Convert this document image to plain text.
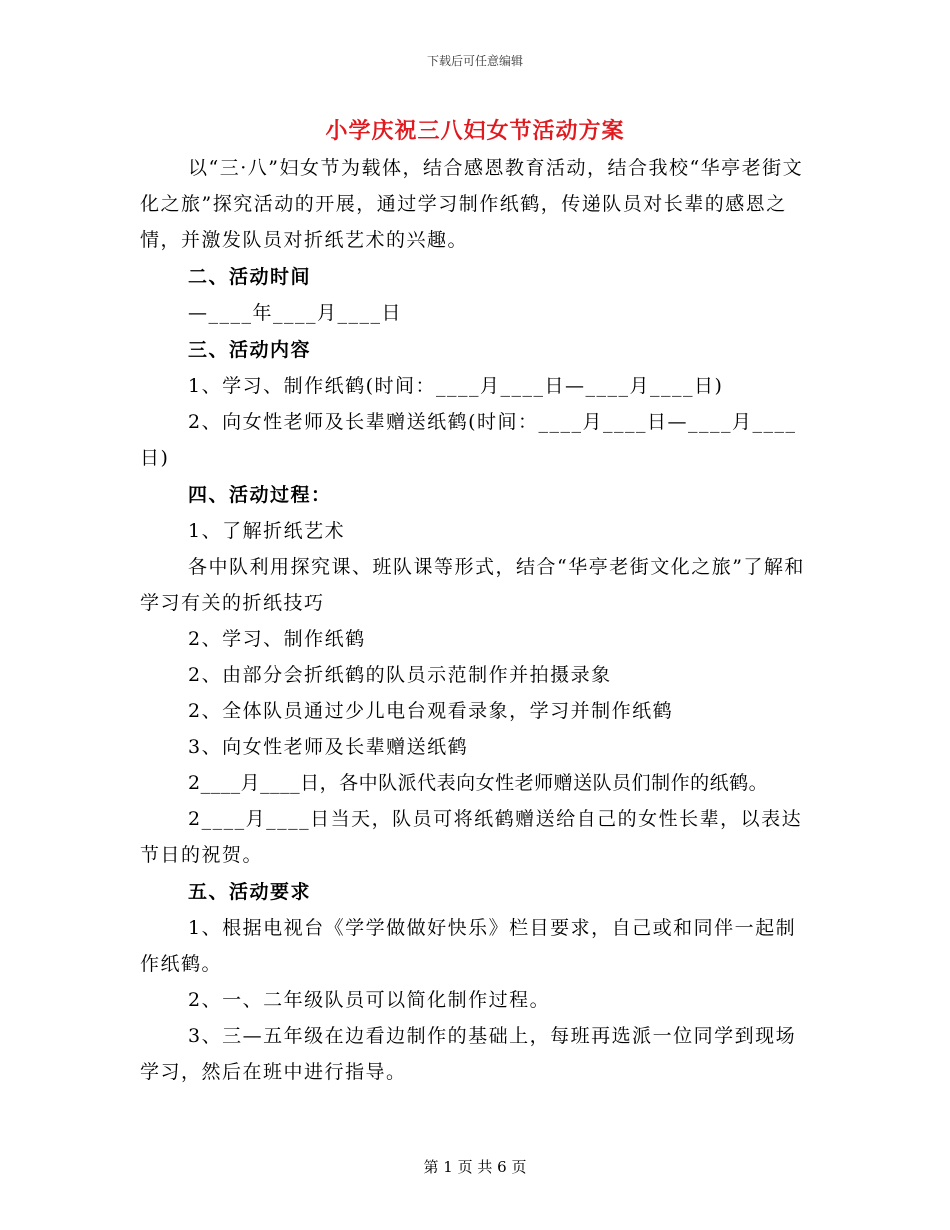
下载后可任意编辑
小学庆祝三八妇女节活动方案

以“三·八”妇女节为载体，结合感恩教育活动，结合我校“华亭老街文化之旅”探究活动的开展，通过学习制作纸鹤，传递队员对长辈的感恩之情，并激发队员对折纸艺术的兴趣。

二、活动时间

—____年____月____日

三、活动内容

1、学习、制作纸鹤(时间：____月____日—____月____日)

2、向女性老师及长辈赠送纸鹤(时间：____月____日—____月____日)

四、活动过程：

1、了解折纸艺术

各中队利用探究课、班队课等形式，结合“华亭老街文化之旅”了解和学习有关的折纸技巧

2、学习、制作纸鹤

2、由部分会折纸鹤的队员示范制作并拍摄录象

2、全体队员通过少儿电台观看录象，学习并制作纸鹤

3、向女性老师及长辈赠送纸鹤

2____月____日，各中队派代表向女性老师赠送队员们制作的纸鹤。

2____月____日当天，队员可将纸鹤赠送给自己的女性长辈，以表达节日的祝贺。

五、活动要求

1、根据电视台《学学做做好快乐》栏目要求，自己或和同伴一起制作纸鹤。

2、一、二年级队员可以简化制作过程。

3、三—五年级在边看边制作的基础上，每班再选派一位同学到现场学习，然后在班中进行指导。

第 1 页 共 6 页
